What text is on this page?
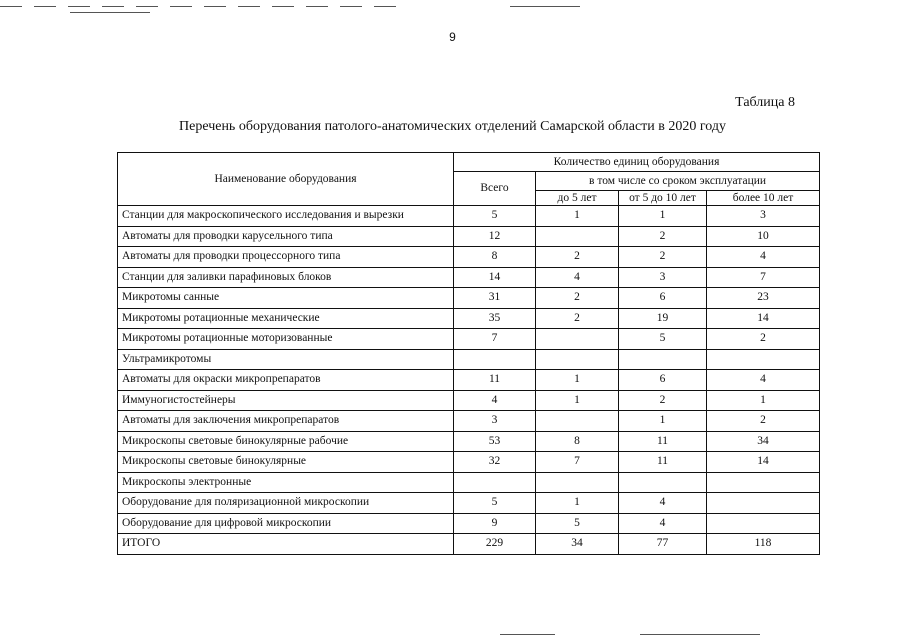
9
Таблица 8
Перечень оборудования патолого-анатомических отделений Самарской области в 2020 году
Наименование оборудования	Количество единиц оборудования			
	Всего	в том числе со сроком эксплуатации		
		до 5 лет	от 5 до 10 лет	более 10 лет
Станции для макроскопического исследования и вырезки	5	1	1	3
Автоматы для проводки карусельного типа	12		2	10
Автоматы для проводки процессорного типа	8	2	2	4
Станции для заливки парафиновых блоков	14	4	3	7
Микротомы санные	31	2	6	23
Микротомы ротационные механические	35	2	19	14
Микротомы ротационные моторизованные	7		5	2
Ультрамикротомы				
Автоматы для окраски микропрепаратов	11	1	6	4
Иммуногистостейнеры	4	1	2	1
Автоматы для заключения микропрепаратов	3		1	2
Микроскопы световые бинокулярные рабочие	53	8	11	34
Микроскопы световые бинокулярные	32	7	11	14
Микроскопы электронные				
Оборудование для поляризационной микроскопии	5	1	4	
Оборудование для цифровой микроскопии	9	5	4	
ИТОГО	229	34	77	118
